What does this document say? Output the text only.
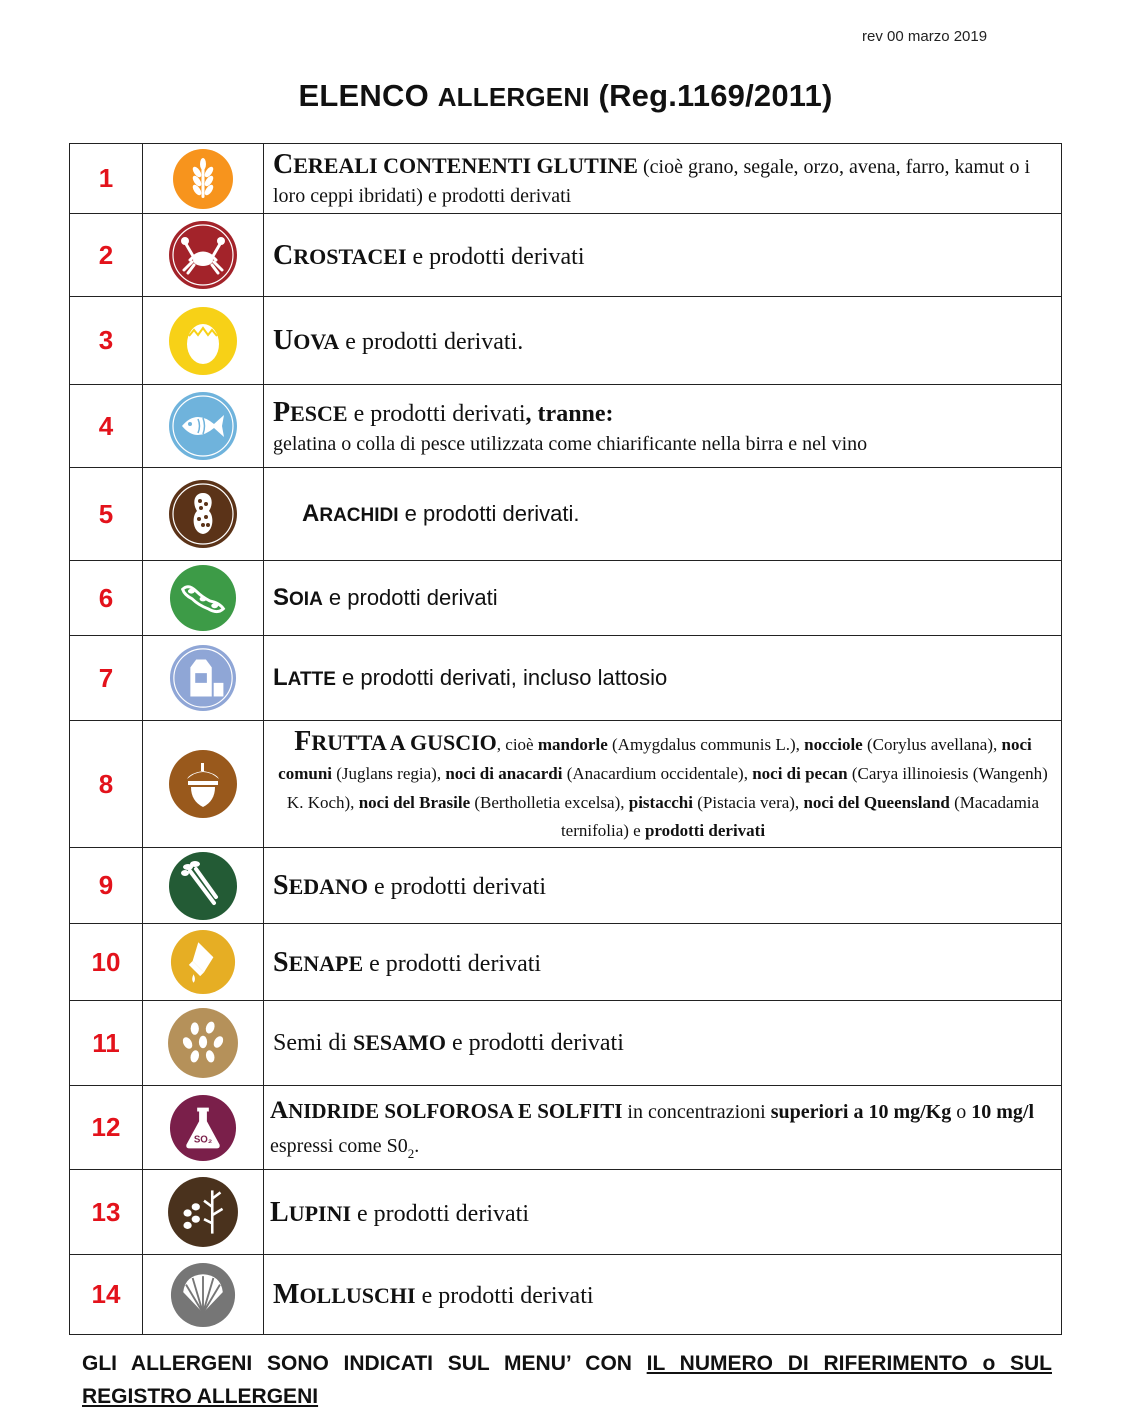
rev 00 marzo 2019
ELENCO ALLERGENI (Reg.1169/2011)
1		CEREALI CONTENENTI GLUTINE (cioè grano, segale, orzo, avena, farro, kamut o i loro ceppi ibridati) e prodotti derivati
2		CROSTACEI e prodotti derivati
3		UOVA e prodotti derivati.
4		PESCE e prodotti derivati, tranne:
gelatina o colla di pesce utilizzata come chiarificante nella birra e nel vino
5		ARACHIDI e prodotti derivati.
6		SOIA e prodotti derivati
7		LATTE e prodotti derivati, incluso lattosio
8		FRUTTA A GUSCIO, cioè mandorle (Amygdalus communis L.), nocciole (Corylus avellana), noci comuni (Juglans regia), noci di anacardi (Anacardium occidentale), noci di pecan (Carya illinoiesis (Wangenh) K. Koch), noci del Brasile (Bertholletia excelsa), pistacchi (Pistacia vera), noci del Queensland (Macadamia ternifolia) e prodotti derivati
9		SEDANO e prodotti derivati
10		SENAPE e prodotti derivati
11		Semi di SESAMO e prodotti derivati
12	SO₂	ANIDRIDE SOLFOROSA E SOLFITI in concentrazioni superiori a 10 mg/Kg o 10 mg/l espressi come $S0_2$.
13		LUPINI e prodotti derivati
14		MOLLUSCHI e prodotti derivati
GLI ALLERGENI SONO INDICATI SUL MENU’ CON IL NUMERO DI RIFERIMENTO o SUL REGISTRO ALLERGENI
